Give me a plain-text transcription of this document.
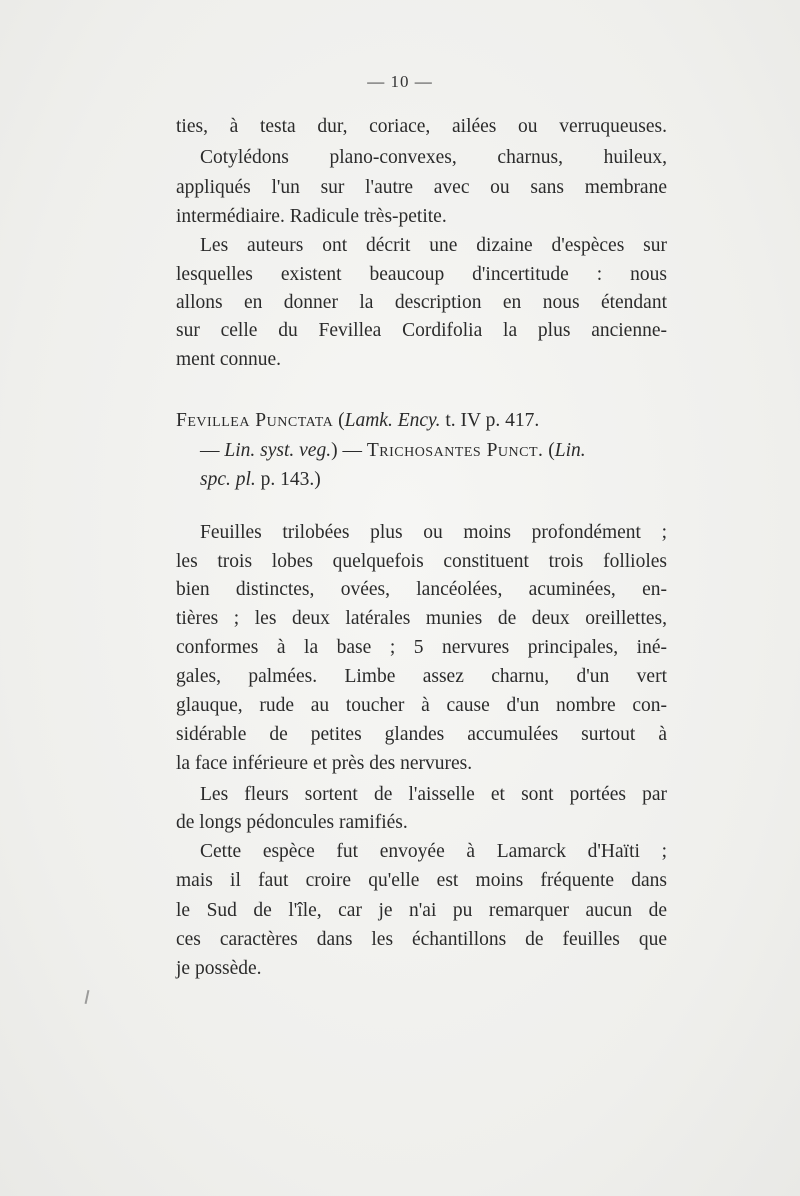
— 10 —
ties, à testa dur, coriace, ailées ou verruqueuses.
Cotylédons plano-convexes, charnus, huileux,
appliqués l'un sur l'autre avec ou sans membrane
intermédiaire. Radicule très-petite.
Les auteurs ont décrit une dizaine d'espèces sur
lesquelles existent beaucoup d'incertitude : nous
allons en donner la description en nous étendant
sur celle du Fevillea Cordifolia la plus ancienne-
ment connue.
Fevillea Punctata (Lamk. Ency. t. IV p. 417.
— Lin. syst. veg.) — Trichosantes Punct. (Lin.
spc. pl. p. 143.)
Feuilles trilobées plus ou moins profondément ;
les trois lobes quelquefois constituent trois follioles
bien distinctes, ovées, lancéolées, acuminées, en-
tières ; les deux latérales munies de deux oreillettes,
conformes à la base ; 5 nervures principales, iné-
gales, palmées. Limbe assez charnu, d'un vert
glauque, rude au toucher à cause d'un nombre con-
sidérable de petites glandes accumulées surtout à
la face inférieure et près des nervures.
Les fleurs sortent de l'aisselle et sont portées par
de longs pédoncules ramifiés.
Cette espèce fut envoyée à Lamarck d'Haïti ;
mais il faut croire qu'elle est moins fréquente dans
le Sud de l'île, car je n'ai pu remarquer aucun de
ces caractères dans les échantillons de feuilles que
je possède.
